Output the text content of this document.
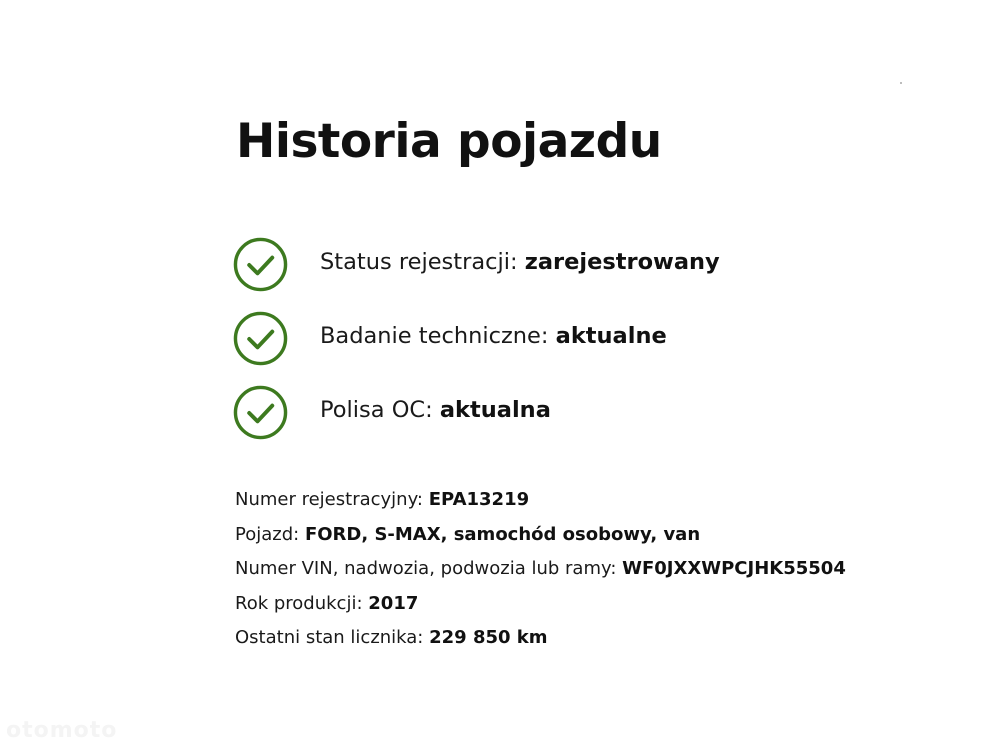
Historia pojazdu
Status rejestracji: zarejestrowany
Badanie techniczne: aktualne
Polisa OC: aktualna
Numer rejestracyjny: EPA13219
Pojazd: FORD, S-MAX, samochód osobowy, van
Numer VIN, nadwozia, podwozia lub ramy: WF0JXXWPCJHK55504
Rok produkcji: 2017
Ostatni stan licznika: 229 850 km
otomoto
